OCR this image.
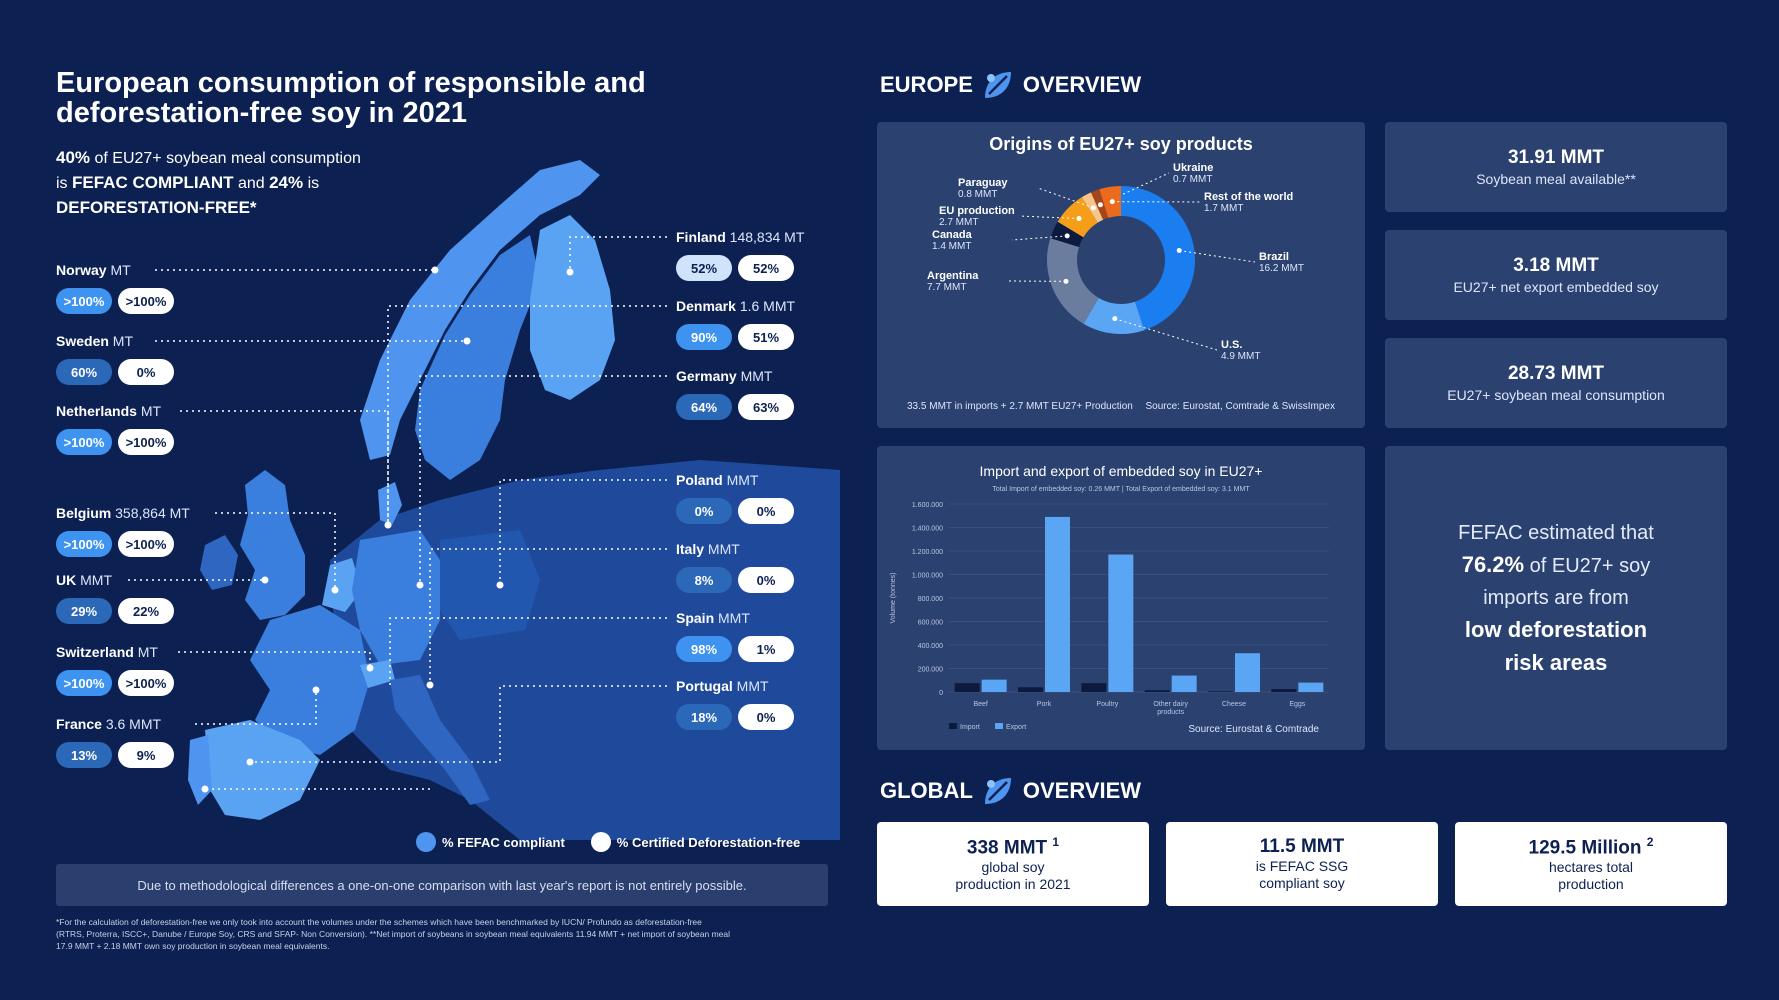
European consumption of responsible and
deforestation-free soy in 2021
40% of EU27+ soybean meal consumption
is FEFAC COMPLIANT and 24% is
DEFORESTATION-FREE*
Norway MT
>100%	>100%
Sweden MT
60%	0%
Netherlands MT
>100%	>100%
Belgium 358,864 MT
>100%	>100%
UK MMT
29%	22%
Switzerland MT
>100%	>100%
France 3.6 MMT
13%	9%
Finland 148,834 MT
52%	52%
Denmark 1.6 MMT
90%	51%
Germany MMT
64%	63%
Poland MMT
0%	0%
Italy MMT
8%	0%
Spain MMT
98%	1%
Portugal MMT
18%	0%
% FEFAC compliant	% Certified Deforestation-free
Due to methodological differences a one-on-one comparison with last year's report is not entirely possible.
*For the calculation of deforestation-free we only took into account the volumes under the schemes which have been benchmarked by IUCN/ Profundo as deforestation-free
(RTRS, Proterra, ISCC+, Danube / Europe Soy, CRS and SFAP- Non Conversion). **Net import of soybeans in soybean meal equivalents 11.94 MMT + net import of soybean meal
17.9 MMT + 2.18 MMT own soy production in soybean meal equivalents.
EUROPE OVERVIEW
Origins of EU27+ soy products
Brazil
16.2 MMT
U.S.
4.9 MMT
Argentina
7.7 MMT
Canada
1.4 MMT
EU production
2.7 MMT
Paraguay
0.8 MMT
Ukraine
0.7 MMT
Rest of the world
1.7 MMT
33.5 MMT in imports + 2.7 MMT EU27+ Production Source: Eurostat, Comtrade & SwissImpex
31.91 MMT
Soybean meal available**
3.18 MMT
EU27+ net export embedded soy
28.73 MMT
EU27+ soybean meal consumption
Import and export of embedded soy in EU27+
Total Import of embedded soy: 0.26 MMT | Total Export of embedded soy: 3.1 MMT
Volume (tonnes)
1.600.000
1.400.000
1.200.000
1.000.000
800.000
600.000
400.000
200.000
0
Beef	Pork	Poultry	Other dairy
products
Cheese	Eggs
Import	Export	Source: Eurostat & Comtrade
FEFAC estimated that
76.2% of EU27+ soy
imports are from
low deforestation
risk areas
GLOBAL OVERVIEW
338 MMT $^1$
global soy
production in 2021
11.5 MMT
is FEFAC SSG
compliant soy
129.5 Million $^2$
hectares total
production
